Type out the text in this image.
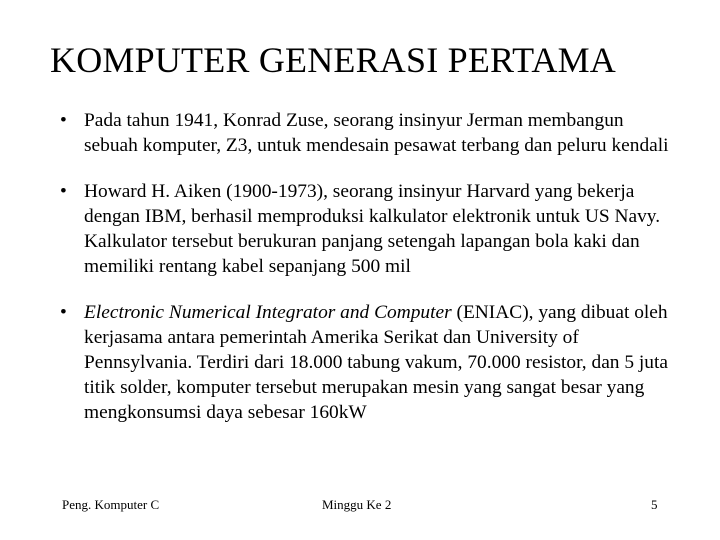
KOMPUTER GENERASI PERTAMA
• Pada tahun 1941, Konrad Zuse, seorang insinyur Jerman membangun sebuah komputer, Z3, untuk mendesain pesawat terbang dan peluru kendali
• Howard H. Aiken (1900-1973), seorang insinyur Harvard yang bekerja dengan IBM, berhasil memproduksi kalkulator elektronik untuk US Navy. Kalkulator tersebut berukuran panjang setengah lapangan bola kaki dan memiliki rentang kabel sepanjang 500 mil
• Electronic Numerical Integrator and Computer (ENIAC), yang dibuat oleh kerjasama antara pemerintah Amerika Serikat dan University of Pennsylvania. Terdiri dari 18.000 tabung vakum, 70.000 resistor, dan 5 juta titik solder, komputer tersebut merupakan mesin yang sangat besar yang mengkonsumsi daya sebesar 160kW
Peng. Komputer C	Minggu Ke 2	5
